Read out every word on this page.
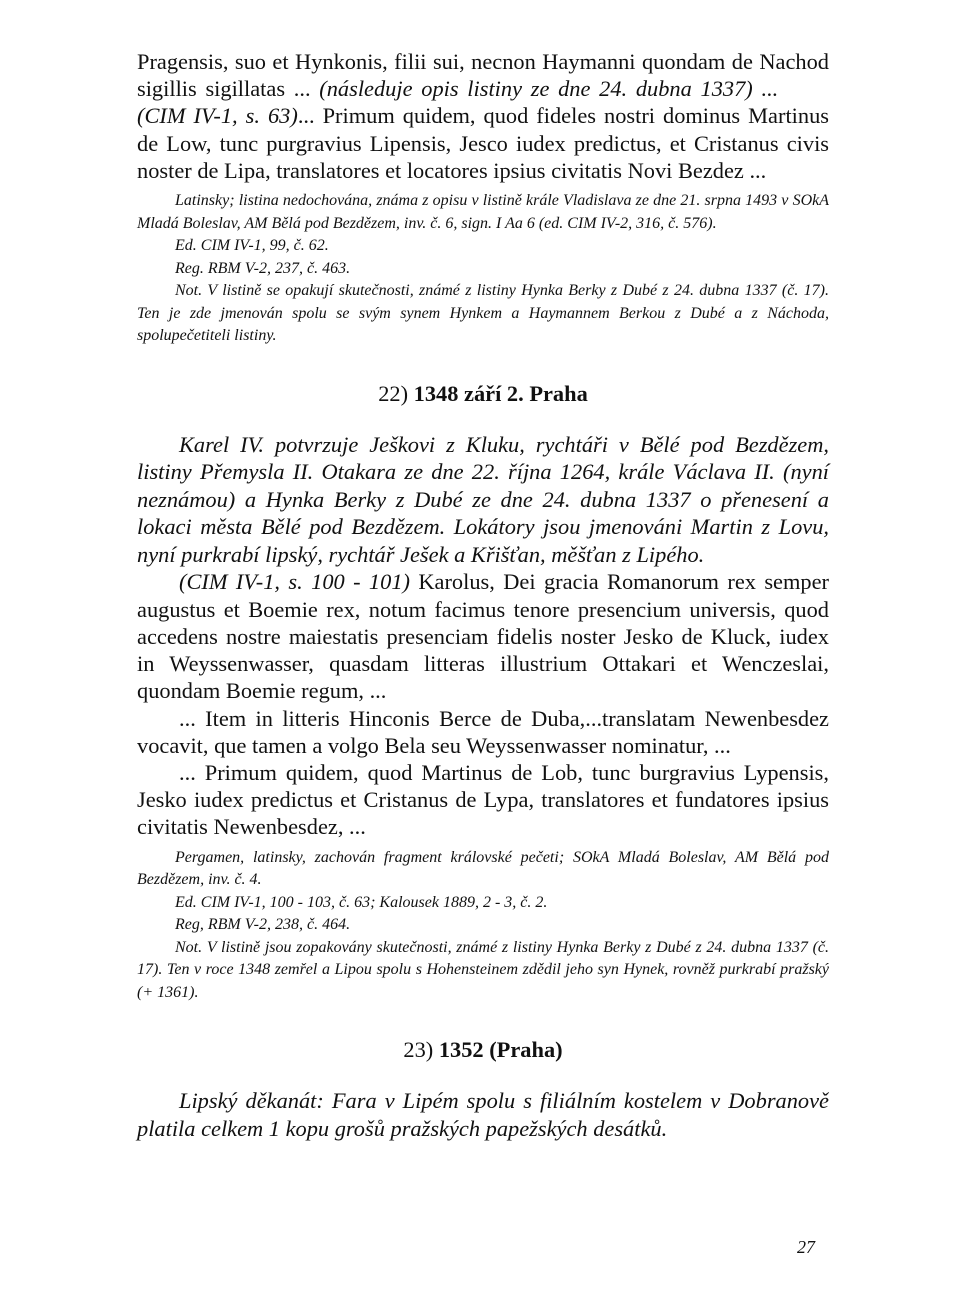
Pragensis, suo et Hynkonis, filii sui, necnon Haymanni quondam de Nachod sigillis sigillatas ... (následuje opis listiny ze dne 24. dubna 1337) ... (CIM IV-1, s. 63)... Primum quidem, quod fideles nostri dominus Martinus de Low, tunc purgravius Lipensis, Jesco iudex predictus, et Cristanus civis noster de Lipa, translatores et locatores ipsius civitatis Novi Bezdez ...

Latinsky; listina nedochována, známa z opisu v listině krále Vladislava ze dne 21. srpna 1493 v SOkA Mladá Boleslav, AM Bělá pod Bezdězem, inv. č. 6, sign. I Aa 6 (ed. CIM IV-2, 316, č. 576).

Ed. CIM IV-1, 99, č. 62.

Reg. RBM V-2, 237, č. 463.

Not. V listině se opakují skutečnosti, známé z listiny Hynka Berky z Dubé z 24. dubna 1337 (č. 17). Ten je zde jmenován spolu se svým synem Hynkem a Haymannem Berkou z Dubé a z Náchoda, spolupečetiteli listiny.

22) 1348 září 2. Praha

Karel IV. potvrzuje Ješkovi z Kluku, rychtáři v Bělé pod Bezdězem, listiny Přemysla II. Otakara ze dne 22. října 1264, krále Václava II. (nyní neznámou) a Hynka Berky z Dubé ze dne 24. dubna 1337 o přenesení a lokaci města Bělé pod Bezdězem. Lokátory jsou jmenováni Martin z Lovu, nyní purkrabí lipský, rychtář Ješek a Křišťan, měšťan z Lipého.

(CIM IV-1, s. 100 - 101) Karolus, Dei gracia Romanorum rex semper augustus et Boemie rex, notum facimus tenore presencium universis, quod accedens nostre maiestatis presenciam fidelis noster Jesko de Kluck, iudex in Weyssenwasser, quasdam litteras illustrium Ottakari et Wenczeslai, quondam Boemie regum, ...

... Item in litteris Hinconis Berce de Duba,...translatam Newenbesdez vocavit, que tamen a volgo Bela seu Weyssenwasser nominatur, ...

... Primum quidem, quod Martinus de Lob, tunc burgravius Lypensis, Jesko iudex predictus et Cristanus de Lypa, translatores et fundatores ipsius civitatis Newenbesdez, ...

Pergamen, latinsky, zachován fragment královské pečeti; SOkA Mladá Boleslav, AM Bělá pod Bezdězem, inv. č. 4.

Ed. CIM IV-1, 100 - 103, č. 63; Kalousek 1889, 2 - 3, č. 2.

Reg, RBM V-2, 238, č. 464.

Not. V listině jsou zopakovány skutečnosti, známé z listiny Hynka Berky z Dubé z 24. dubna 1337 (č. 17). Ten v roce 1348 zemřel a Lipou spolu s Hohensteinem zdědil jeho syn Hynek, rovněž purkrabí pražský (+ 1361).

23) 1352 (Praha)

Lipský děkanát: Fara v Lipém spolu s filiálním kostelem v Dobranově platila celkem 1 kopu grošů pražských papežských desátků.

27
